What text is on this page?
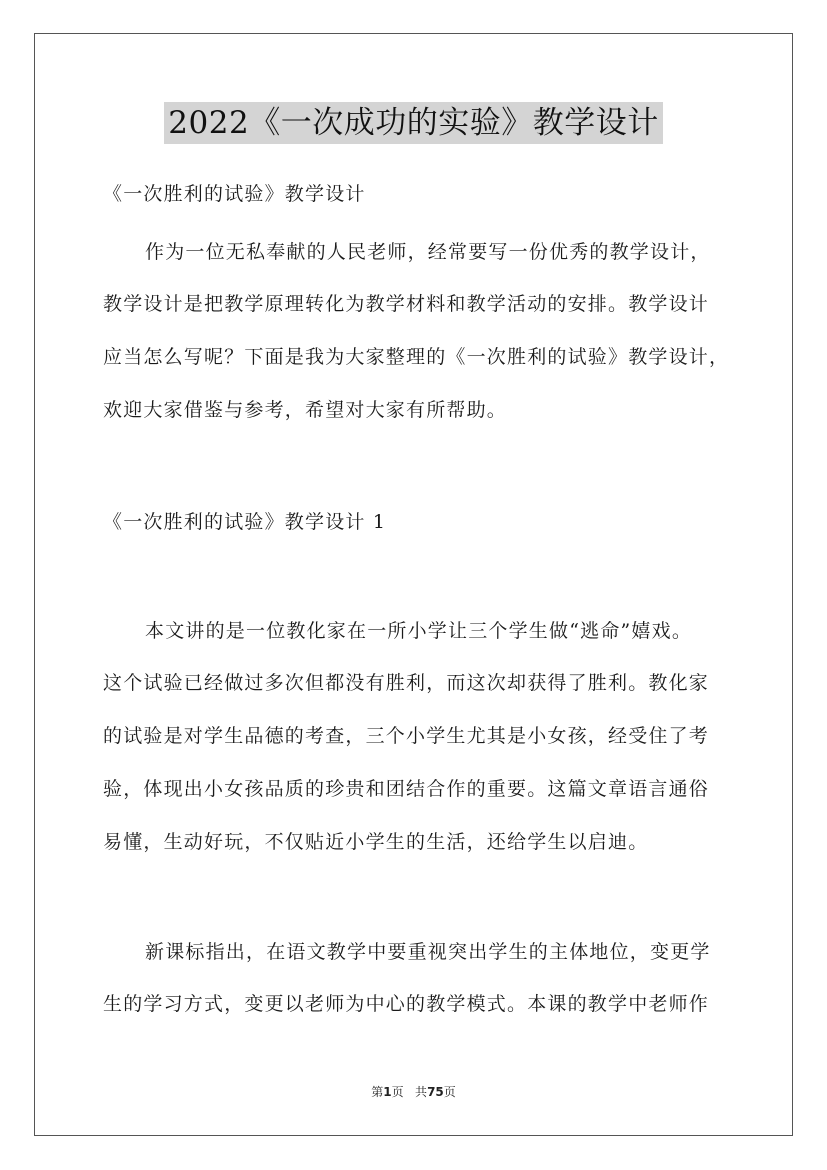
2022《一次成功的实验》教学设计
《一次胜利的试验》教学设计
作为一位无私奉献的人民老师，经常要写一份优秀的教学设计，
教学设计是把教学原理转化为教学材料和教学活动的安排。教学设计
应当怎么写呢？下面是我为大家整理的《一次胜利的试验》教学设计，
欢迎大家借鉴与参考，希望对大家有所帮助。
《一次胜利的试验》教学设计 1
本文讲的是一位教化家在一所小学让三个学生做“逃命”嬉戏。
这个试验已经做过多次但都没有胜利，而这次却获得了胜利。教化家
的试验是对学生品德的考查，三个小学生尤其是小女孩，经受住了考
验，体现出小女孩品质的珍贵和团结合作的重要。这篇文章语言通俗
易懂，生动好玩，不仅贴近小学生的生活，还给学生以启迪。
新课标指出，在语文教学中要重视突出学生的主体地位，变更学
生的学习方式，变更以老师为中心的教学模式。本课的教学中老师作
第1页 共75页
